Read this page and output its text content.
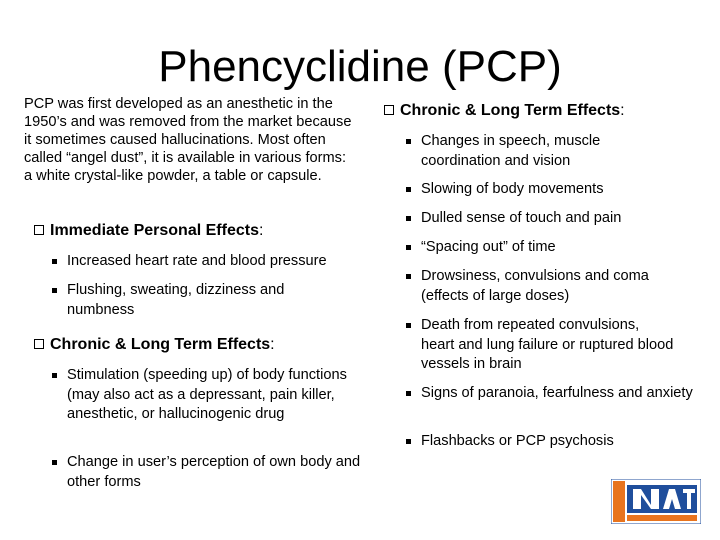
Phencyclidine (PCP)
PCP was first developed as an anesthetic in the 1950’s and was removed from the market because it sometimes caused hallucinations. Most often called “angel dust”, it is available in various forms: a white crystal-like powder, a table or capsule.
Immediate Personal Effects:
Increased heart rate and blood pressure
Flushing, sweating, dizziness and numbness
Chronic & Long Term Effects:
Stimulation (speeding up) of body functions (may also act as a depressant, pain killer, anesthetic, or hallucinogenic drug
Change in user’s perception of own body and other forms
Chronic & Long Term Effects:
Changes in speech, muscle coordination and vision
Slowing of body movements
Dulled sense of touch and pain
“Spacing out” of time
Drowsiness, convulsions and coma (effects of large doses)
Death from repeated convulsions, heart and lung failure or ruptured blood vessels in brain
Signs of paranoia, fearfulness and anxiety
Flashbacks or PCP psychosis
